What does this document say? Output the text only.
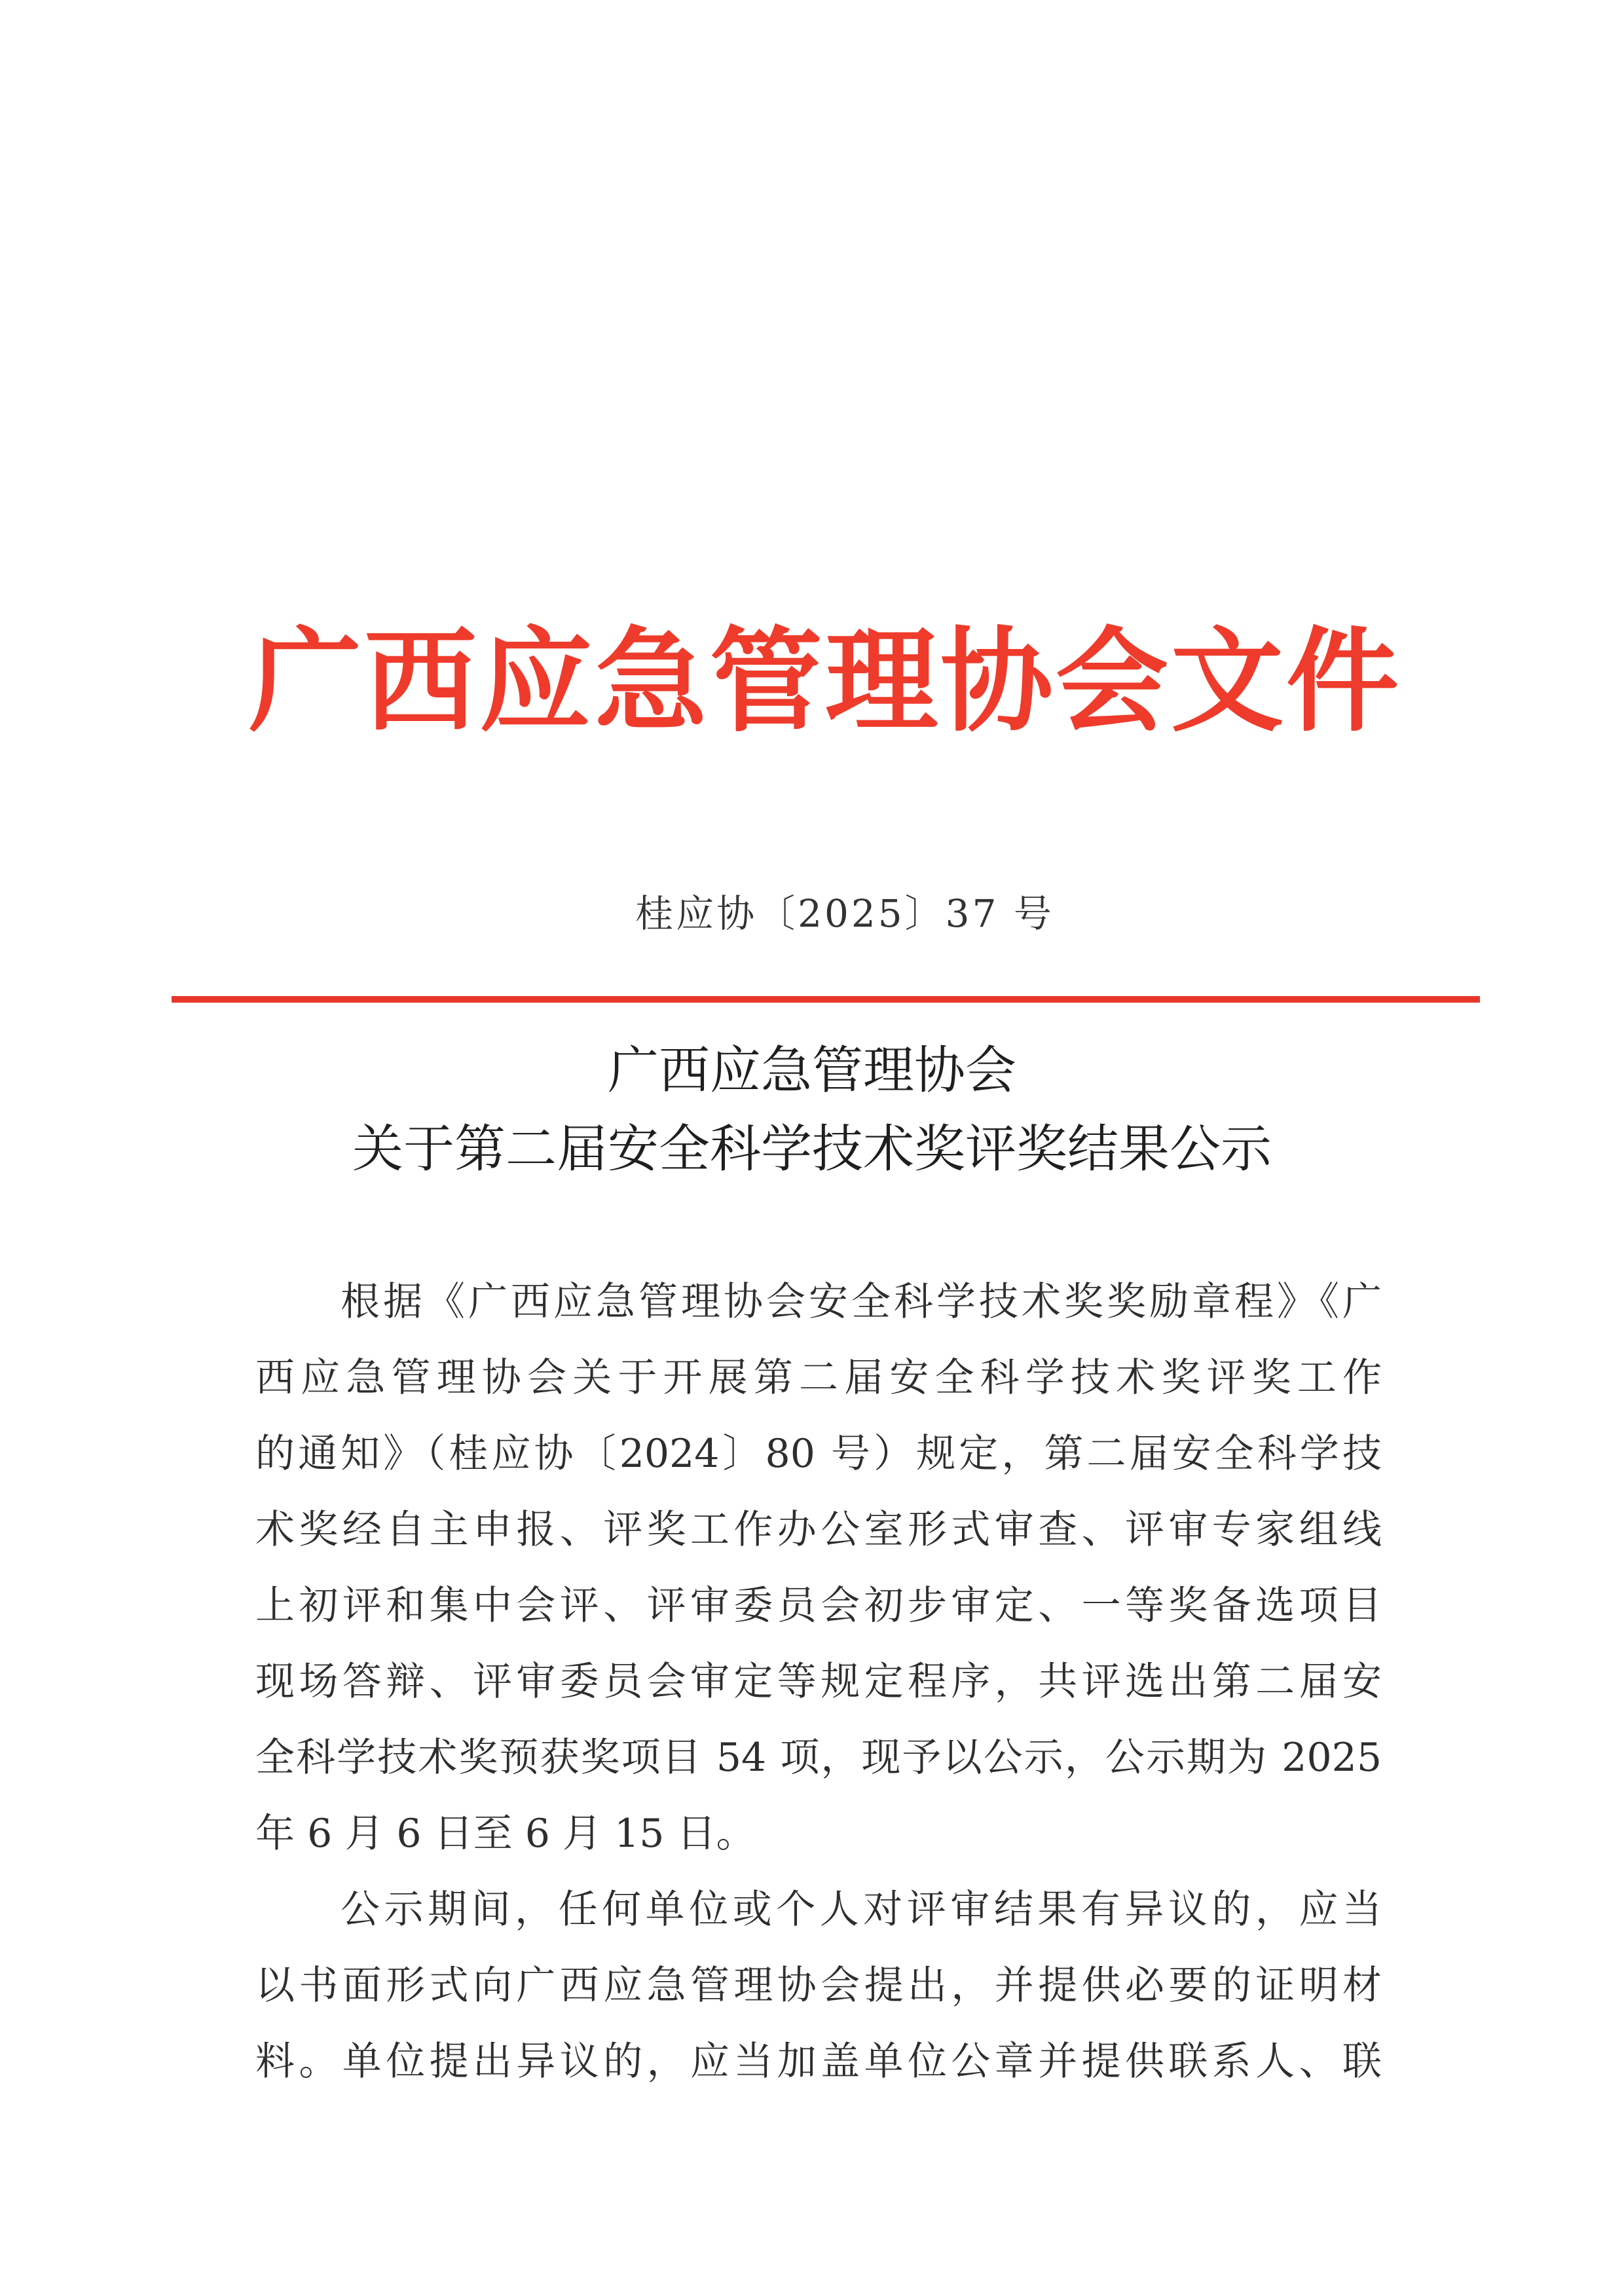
广西应急管理协会文件
桂应协〔2025〕37 号
广西应急管理协会
关于第二届安全科学技术奖评奖结果公示
根据《广西应急管理协会安全科学技术奖奖励章程》《广
西应急管理协会关于开展第二届安全科学技术奖评奖工作
的通知》（桂应协〔2024〕80 号）规定，第二届安全科学技
术奖经自主申报、评奖工作办公室形式审查、评审专家组线
上初评和集中会评、评审委员会初步审定、一等奖备选项目
现场答辩、评审委员会审定等规定程序，共评选出第二届安
全科学技术奖预获奖项目 54 项，现予以公示，公示期为 2025
年 6 月 6 日至 6 月 15 日。
公示期间，任何单位或个人对评审结果有异议的，应当
以书面形式向广西应急管理协会提出，并提供必要的证明材
料。单位提出异议的，应当加盖单位公章并提供联系人、联
